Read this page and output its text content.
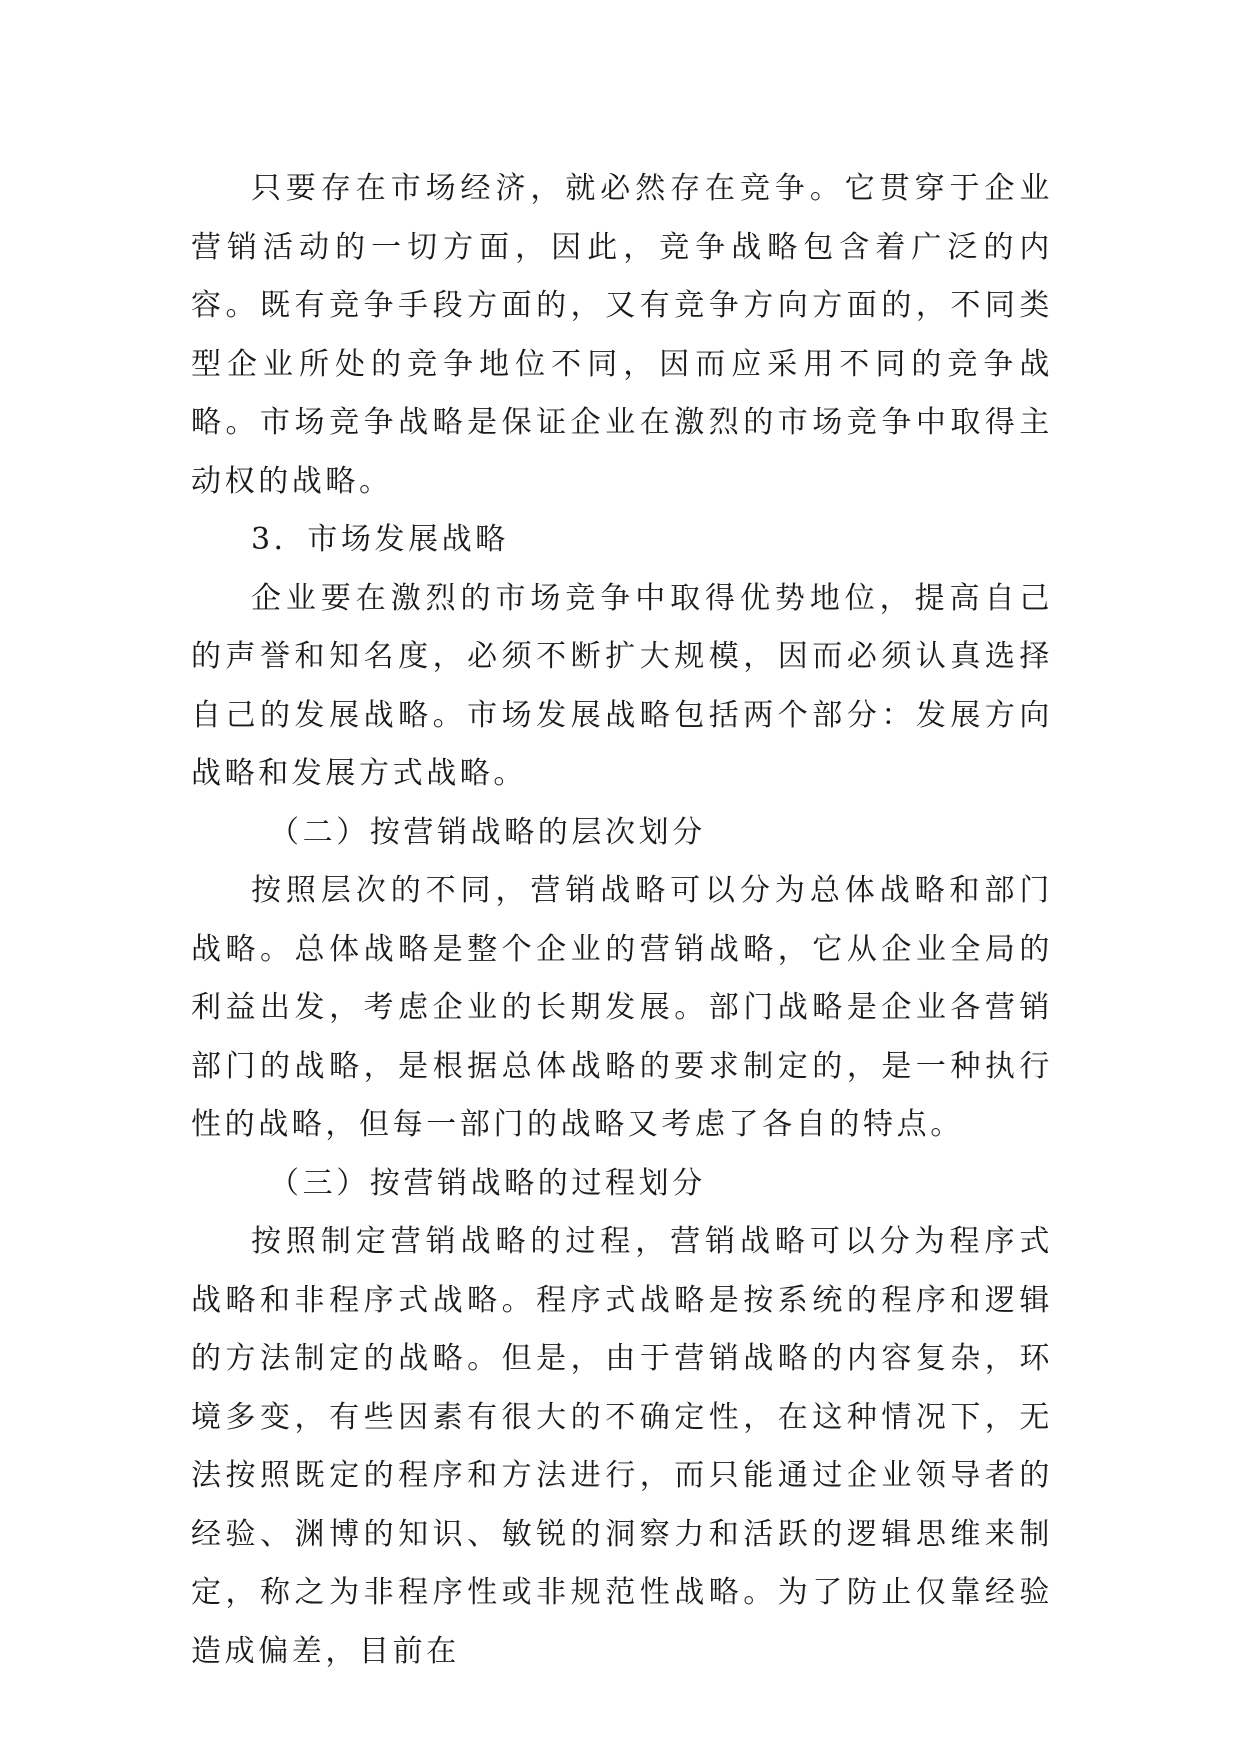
只要存在市场经济，就必然存在竞争。它贯穿于企业营销活动的一切方面，因此，竞争战略包含着广泛的内容。既有竞争手段方面的，又有竞争方向方面的，不同类型企业所处的竞争地位不同，因而应采用不同的竞争战略。市场竞争战略是保证企业在激烈的市场竞争中取得主动权的战略。

3．市场发展战略

企业要在激烈的市场竞争中取得优势地位，提高自己的声誉和知名度，必须不断扩大规模，因而必须认真选择自己的发展战略。市场发展战略包括两个部分：发展方向战略和发展方式战略。

（二）按营销战略的层次划分

按照层次的不同，营销战略可以分为总体战略和部门战略。总体战略是整个企业的营销战略，它从企业全局的利益出发，考虑企业的长期发展。部门战略是企业各营销部门的战略，是根据总体战略的要求制定的，是一种执行性的战略，但每一部门的战略又考虑了各自的特点。

（三）按营销战略的过程划分

按照制定营销战略的过程，营销战略可以分为程序式战略和非程序式战略。程序式战略是按系统的程序和逻辑的方法制定的战略。但是，由于营销战略的内容复杂，环境多变，有些因素有很大的不确定性，在这种情况下，无法按照既定的程序和方法进行，而只能通过企业领导者的经验、渊博的知识、敏锐的洞察力和活跃的逻辑思维来制定，称之为非程序性或非规范性战略。为了防止仅靠经验造成偏差，目前在
